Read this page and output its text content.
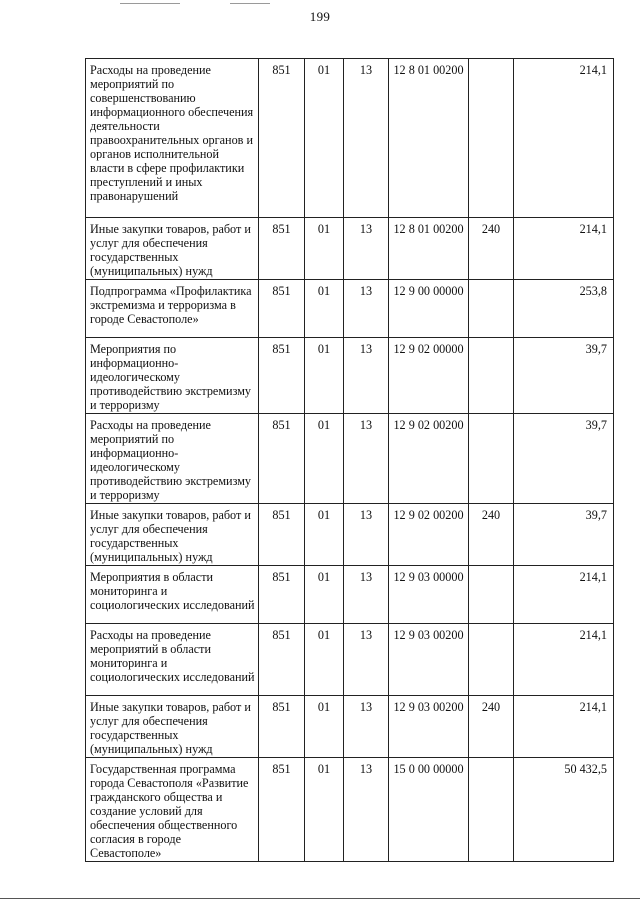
199
Расходы на проведение мероприятий по совершенствованию информационного обеспечения деятельности правоохранительных органов и органов исполнительной власти в сфере профилактики преступлений и иных правонарушений	851	01	13	12 8 01 00200		214,1
Иные закупки товаров, работ и услуг для обеспечения государственных (муниципальных) нужд	851	01	13	12 8 01 00200	240	214,1
Подпрограмма «Профилактика экстремизма и терроризма в городе Севастополе»	851	01	13	12 9 00 00000		253,8
Мероприятия по информационно-идеологическому противодействию экстремизму и терроризму	851	01	13	12 9 02 00000		39,7
Расходы на проведение мероприятий по информационно-идеологическому противодействию экстремизму и терроризму	851	01	13	12 9 02 00200		39,7
Иные закупки товаров, работ и услуг для обеспечения государственных (муниципальных) нужд	851	01	13	12 9 02 00200	240	39,7
Мероприятия в области мониторинга и социологических исследований	851	01	13	12 9 03 00000		214,1
Расходы на проведение мероприятий в области мониторинга и социологических исследований	851	01	13	12 9 03 00200		214,1
Иные закупки товаров, работ и услуг для обеспечения государственных (муниципальных) нужд	851	01	13	12 9 03 00200	240	214,1
Государственная программа города Севастополя «Развитие гражданского общества и создание условий для обеспечения общественного согласия в городе Севастополе»	851	01	13	15 0 00 00000		50 432,5
